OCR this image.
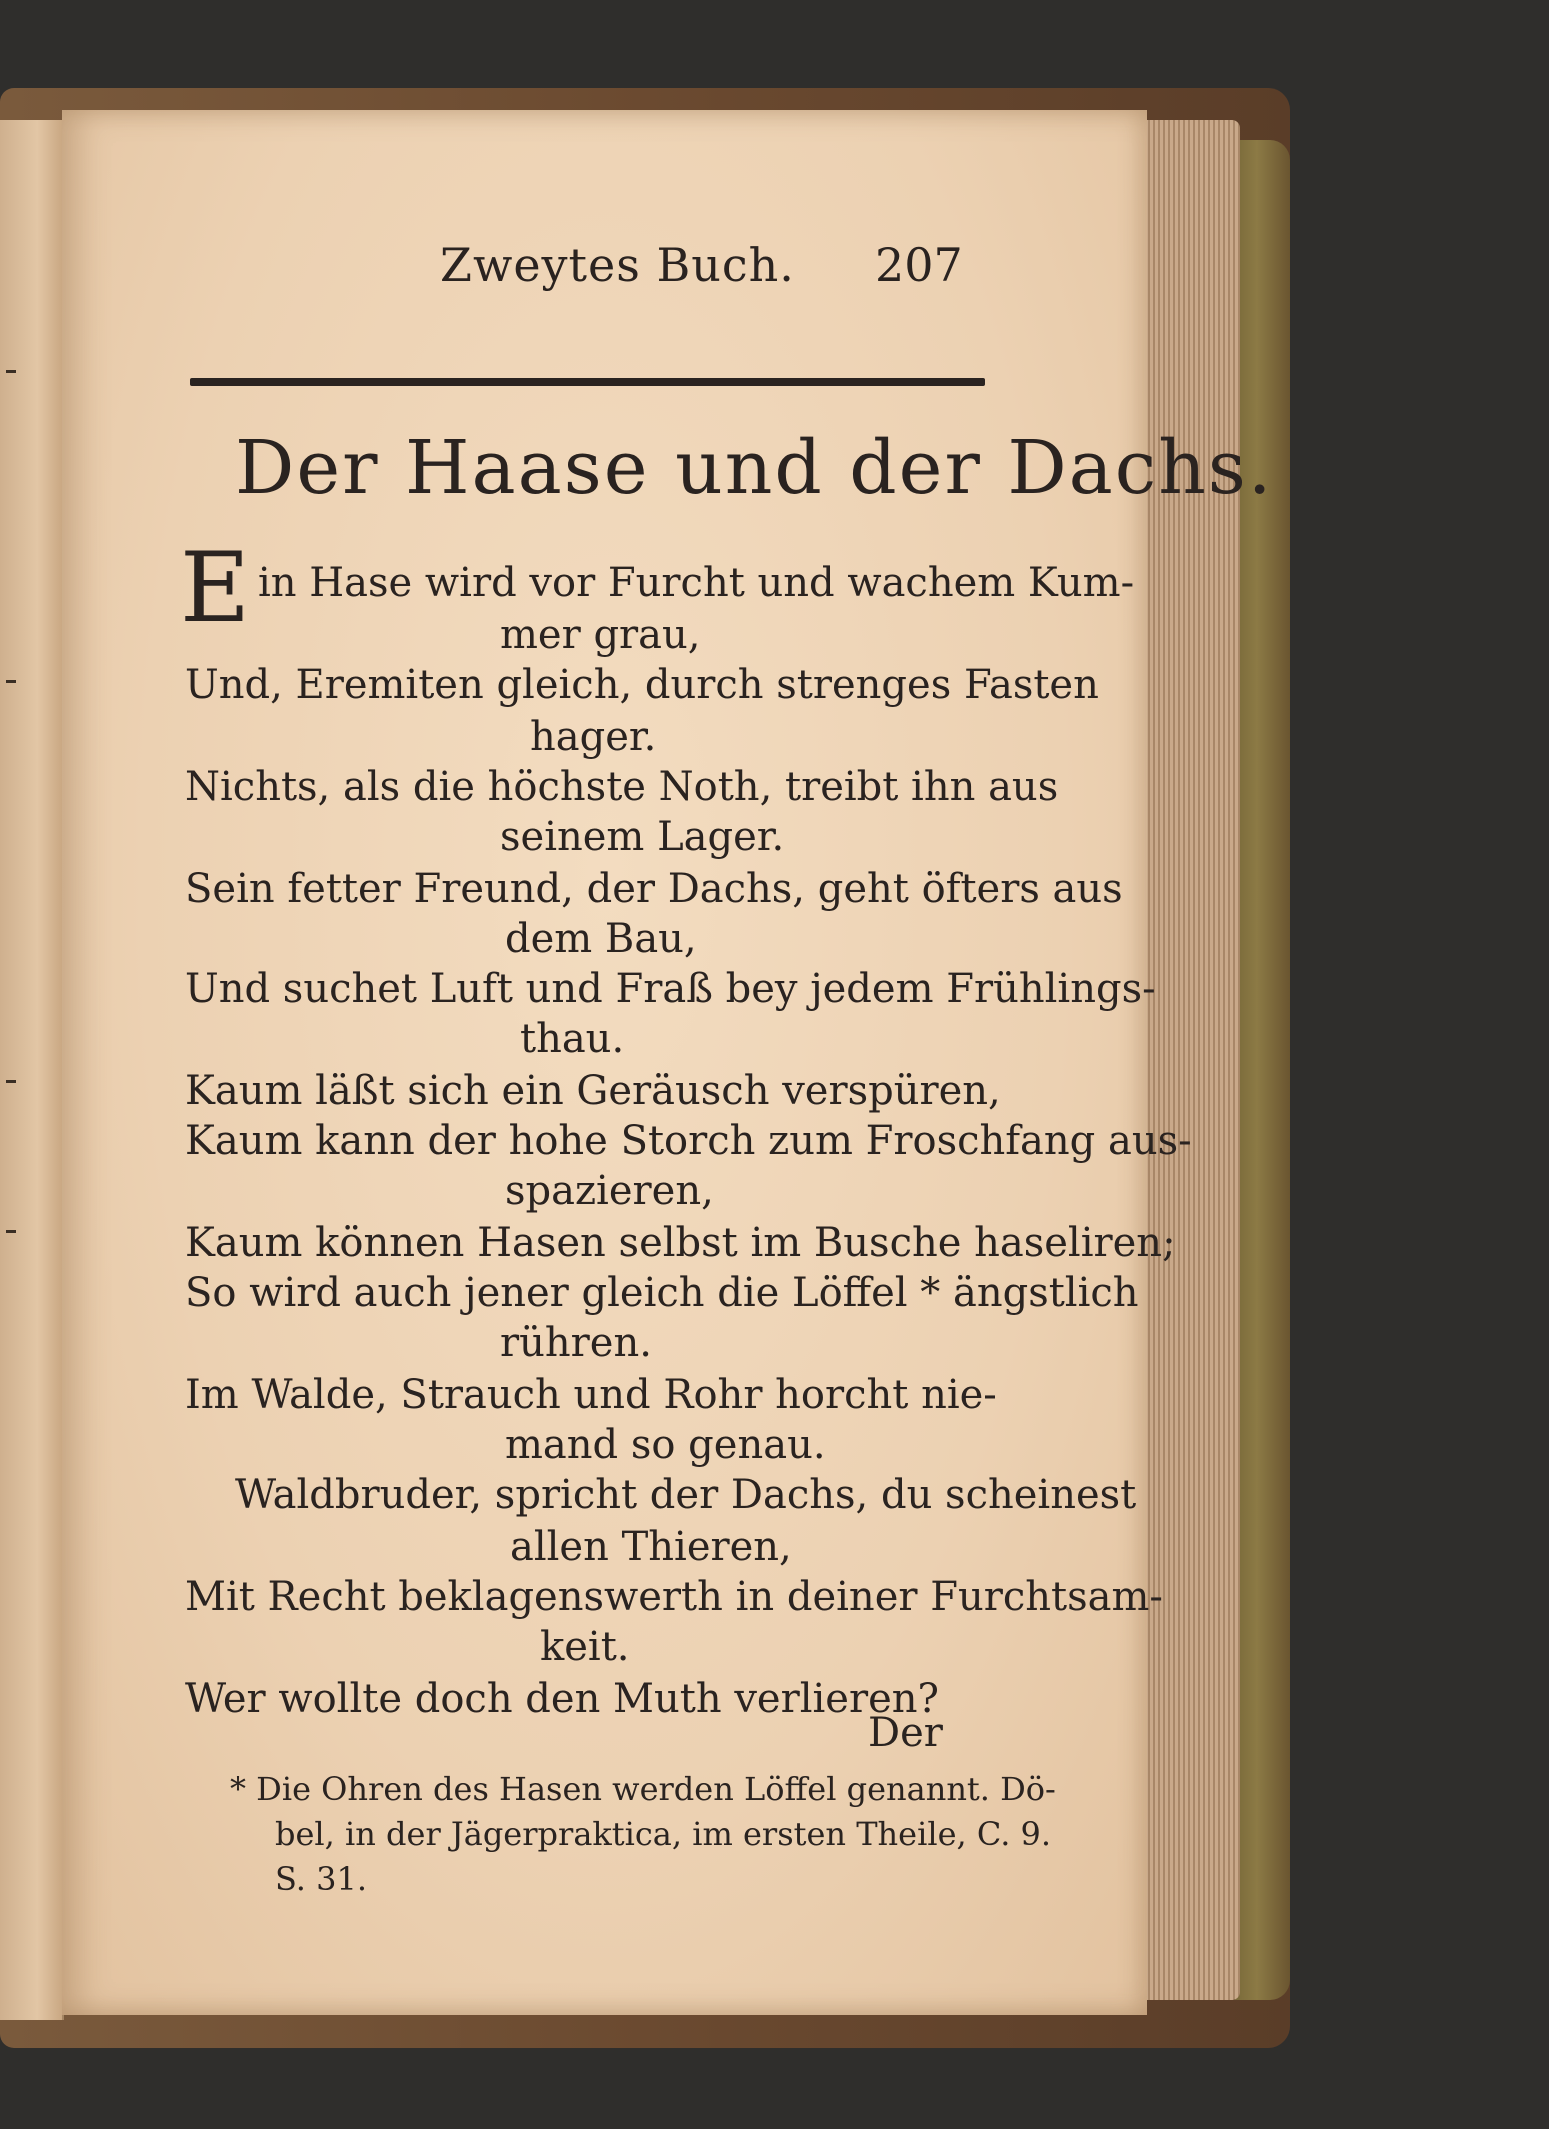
Zweytes Buch. 207
Der Haase und der Dachs.
E in Hase wird vor Furcht und wachem Kum-
mer grau,
Und, Eremiten gleich, durch strenges Fasten
hager.
Nichts, als die höchste Noth, treibt ihn aus
seinem Lager.
Sein fetter Freund, der Dachs, geht öfters aus
dem Bau,
Und suchet Luft und Fraß bey jedem Frühlings-
thau.
Kaum läßt sich ein Geräusch verspüren,
Kaum kann der hohe Storch zum Froschfang aus-
spazieren,
Kaum können Hasen selbst im Busche haseliren;
So wird auch jener gleich die Löffel * ängstlich
rühren.
Im Walde, Strauch und Rohr horcht nie-
mand so genau.
Waldbruder, spricht der Dachs, du scheinest
allen Thieren,
Mit Recht beklagenswerth in deiner Furchtsam-
keit.
Wer wollte doch den Muth verlieren?
Der
* Die Ohren des Hasen werden Löffel genannt. Dö-
bel, in der Jägerpraktica, im ersten Theile, C. 9.
S. 31.
